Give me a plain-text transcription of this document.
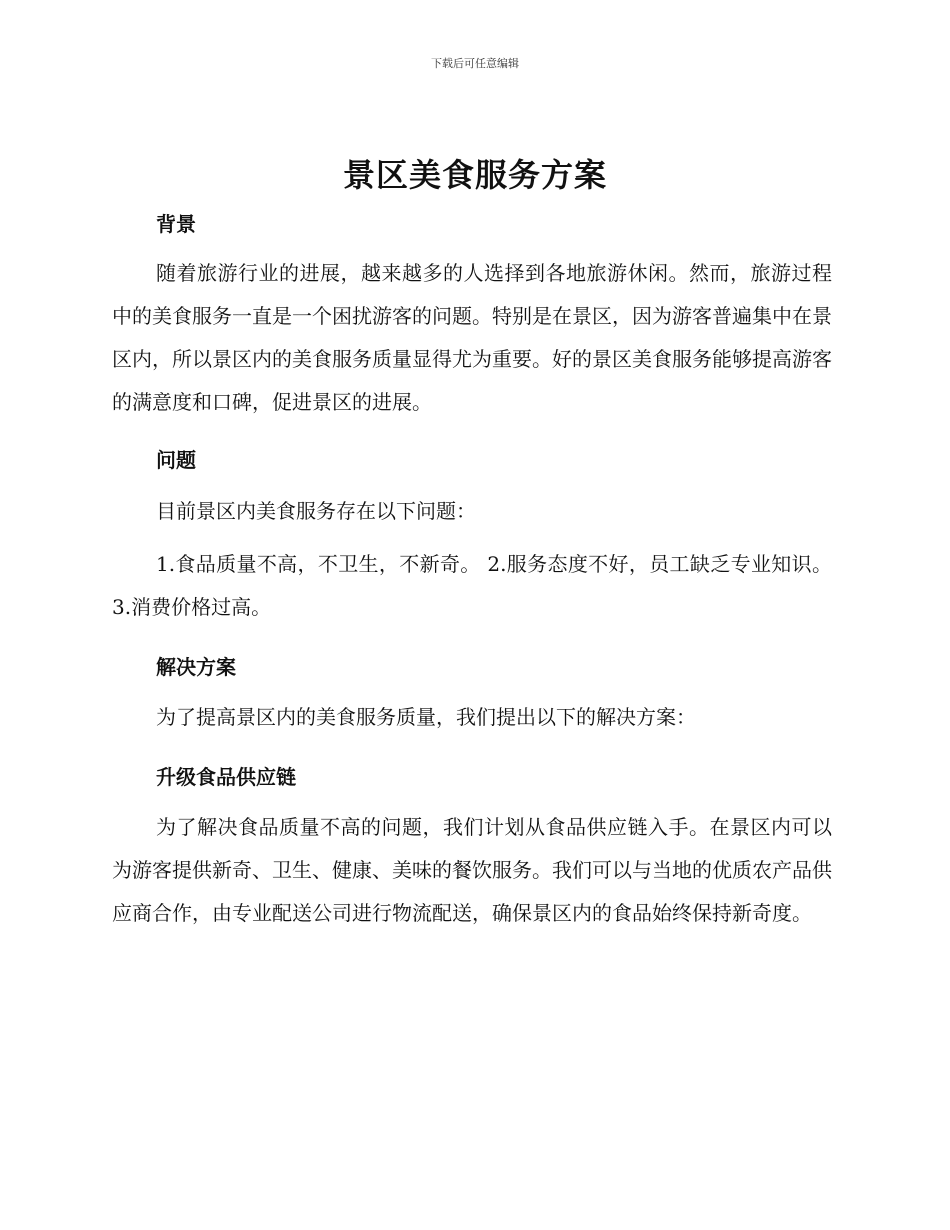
下载后可任意编辑
景区美食服务方案
背景

随着旅游行业的进展，越来越多的人选择到各地旅游休闲。然而，旅游过程中的美食服务一直是一个困扰游客的问题。特别是在景区，因为游客普遍集中在景区内，所以景区内的美食服务质量显得尤为重要。好的景区美食服务能够提高游客的满意度和口碑，促进景区的进展。

问题

目前景区内美食服务存在以下问题：

1.食品质量不高，不卫生，不新奇。 2.服务态度不好，员工缺乏专业知识。 3.消费价格过高。

解决方案

为了提高景区内的美食服务质量，我们提出以下的解决方案：

升级食品供应链

为了解决食品质量不高的问题，我们计划从食品供应链入手。在景区内可以为游客提供新奇、卫生、健康、美味的餐饮服务。我们可以与当地的优质农产品供应商合作，由专业配送公司进行物流配送，确保景区内的食品始终保持新奇度。
